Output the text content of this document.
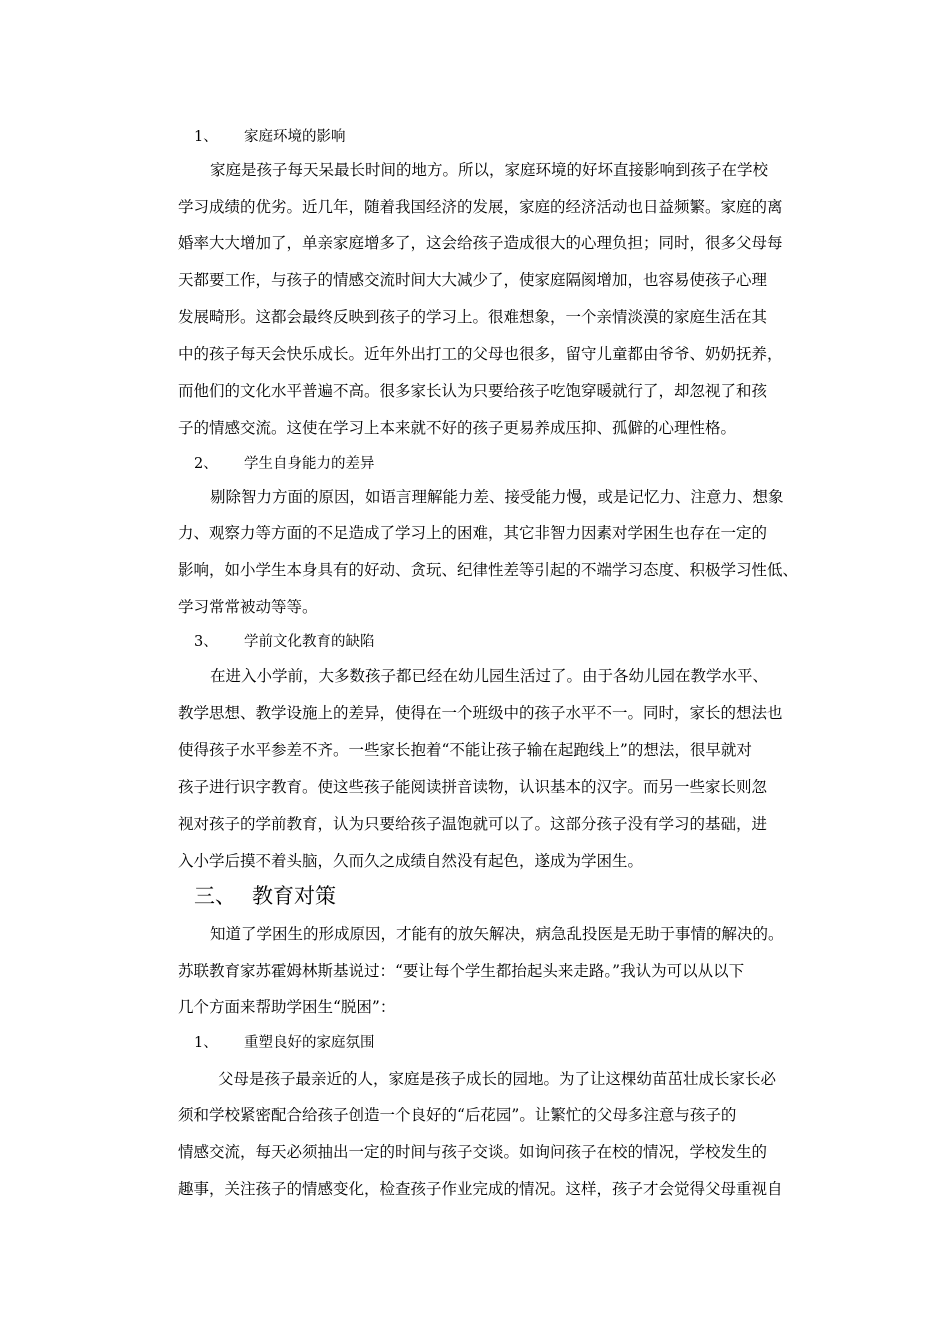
1、 家庭环境的影响
家庭是孩子每天呆最长时间的地方。所以，家庭环境的好坏直接影响到孩子在学校
学习成绩的优劣。近几年，随着我国经济的发展，家庭的经济活动也日益频繁。家庭的离
婚率大大增加了，单亲家庭增多了，这会给孩子造成很大的心理负担；同时，很多父母每
天都要工作，与孩子的情感交流时间大大减少了，使家庭隔阂增加，也容易使孩子心理
发展畸形。这都会最终反映到孩子的学习上。很难想象，一个亲情淡漠的家庭生活在其
中的孩子每天会快乐成长。近年外出打工的父母也很多，留守儿童都由爷爷、奶奶抚养，
而他们的文化水平普遍不高。很多家长认为只要给孩子吃饱穿暖就行了，却忽视了和孩
子的情感交流。这使在学习上本来就不好的孩子更易养成压抑、孤僻的心理性格。
2、 学生自身能力的差异
剔除智力方面的原因，如语言理解能力差、接受能力慢，或是记忆力、注意力、想象
力、观察力等方面的不足造成了学习上的困难，其它非智力因素对学困生也存在一定的
影响，如小学生本身具有的好动、贪玩、纪律性差等引起的不端学习态度、积极学习性低、
学习常常被动等等。
3、 学前文化教育的缺陷
在进入小学前，大多数孩子都已经在幼儿园生活过了。由于各幼儿园在教学水平、
教学思想、教学设施上的差异，使得在一个班级中的孩子水平不一。同时，家长的想法也
使得孩子水平参差不齐。一些家长抱着“不能让孩子输在起跑线上”的想法，很早就对
孩子进行识字教育。使这些孩子能阅读拼音读物，认识基本的汉字。而另一些家长则忽
视对孩子的学前教育，认为只要给孩子温饱就可以了。这部分孩子没有学习的基础，进
入小学后摸不着头脑，久而久之成绩自然没有起色，遂成为学困生。
三、 教育对策
知道了学困生的形成原因，才能有的放矢解决，病急乱投医是无助于事情的解决的。
苏联教育家苏霍姆林斯基说过：“要让每个学生都抬起头来走路。”我认为可以从以下
几个方面来帮助学困生“脱困”：
1、 重塑良好的家庭氛围
父母是孩子最亲近的人，家庭是孩子成长的园地。为了让这棵幼苗茁壮成长家长必
须和学校紧密配合给孩子创造一个良好的“后花园”。让繁忙的父母多注意与孩子的
情感交流，每天必须抽出一定的时间与孩子交谈。如询问孩子在校的情况，学校发生的
趣事，关注孩子的情感变化，检查孩子作业完成的情况。这样，孩子才会觉得父母重视自
